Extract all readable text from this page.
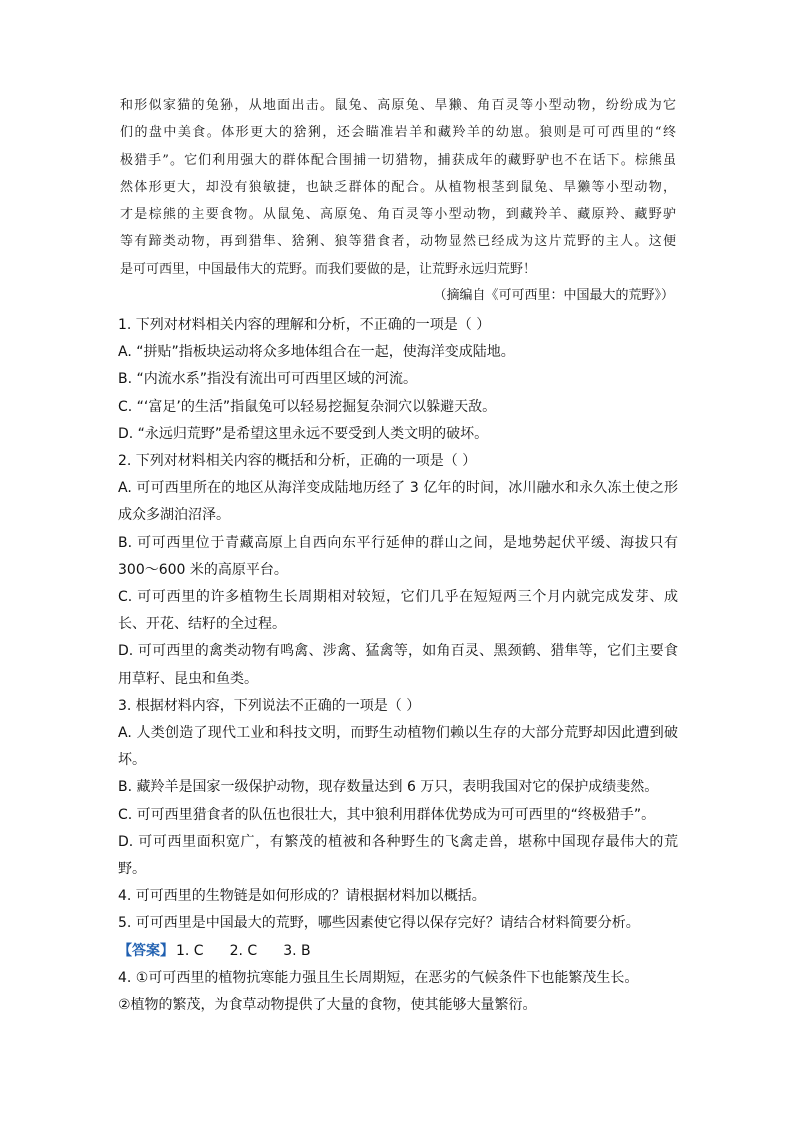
和形似家猫的兔狲，从地面出击。鼠兔、高原兔、旱獭、角百灵等小型动物，纷纷成为它
们的盘中美食。体形更大的猞猁，还会瞄准岩羊和藏羚羊的幼崽。狼则是可可西里的“终
极猎手”。它们利用强大的群体配合围捕一切猎物，捕获成年的藏野驴也不在话下。棕熊虽
然体形更大，却没有狼敏捷，也缺乏群体的配合。从植物根茎到鼠兔、旱獭等小型动物，
才是棕熊的主要食物。从鼠兔、高原兔、角百灵等小型动物，到藏羚羊、藏原羚、藏野驴
等有蹄类动物，再到猎隼、猞猁、狼等猎食者，动物显然已经成为这片荒野的主人。这便
是可可西里，中国最伟大的荒野。而我们要做的是，让荒野永远归荒野！
（摘编自《可可西里：中国最大的荒野》）
1. 下列对材料相关内容的理解和分析，不正确的一项是（ ）
A. “拼贴”指板块运动将众多地体组合在一起，使海洋变成陆地。
B. “内流水系”指没有流出可可西里区域的河流。
C. “‘富足’的生活”指鼠兔可以轻易挖掘复杂洞穴以躲避天敌。
D. “永远归荒野”是希望这里永远不要受到人类文明的破坏。
2. 下列对材料相关内容的概括和分析，正确的一项是（ ）
A. 可可西里所在的地区从海洋变成陆地历经了 3 亿年的时间，冰川融水和永久冻土使之形
成众多湖泊沼泽。
B. 可可西里位于青藏高原上自西向东平行延伸的群山之间，是地势起伏平缓、海拔只有
300～600 米的高原平台。
C. 可可西里的许多植物生长周期相对较短，它们几乎在短短两三个月内就完成发芽、成
长、开花、结籽的全过程。
D. 可可西里的禽类动物有鸣禽、涉禽、猛禽等，如角百灵、黑颈鹤、猎隼等，它们主要食
用草籽、昆虫和鱼类。
3. 根据材料内容，下列说法不正确的一项是（ ）
A. 人类创造了现代工业和科技文明，而野生动植物们赖以生存的大部分荒野却因此遭到破
坏。
B. 藏羚羊是国家一级保护动物，现存数量达到 6 万只，表明我国对它的保护成绩斐然。
C. 可可西里猎食者的队伍也很壮大，其中狼利用群体优势成为可可西里的“终极猎手”。
D. 可可西里面积宽广，有繁茂的植被和各种野生的飞禽走兽，堪称中国现存最伟大的荒
野。
4. 可可西里的生物链是如何形成的？请根据材料加以概括。
5. 可可西里是中国最大的荒野，哪些因素使它得以保存完好？请结合材料简要分析。
【答案】 1. C 2. C 3. B
4. ①可可西里的植物抗寒能力强且生长周期短，在恶劣的气候条件下也能繁茂生长。
②植物的繁茂，为食草动物提供了大量的食物，使其能够大量繁衍。
